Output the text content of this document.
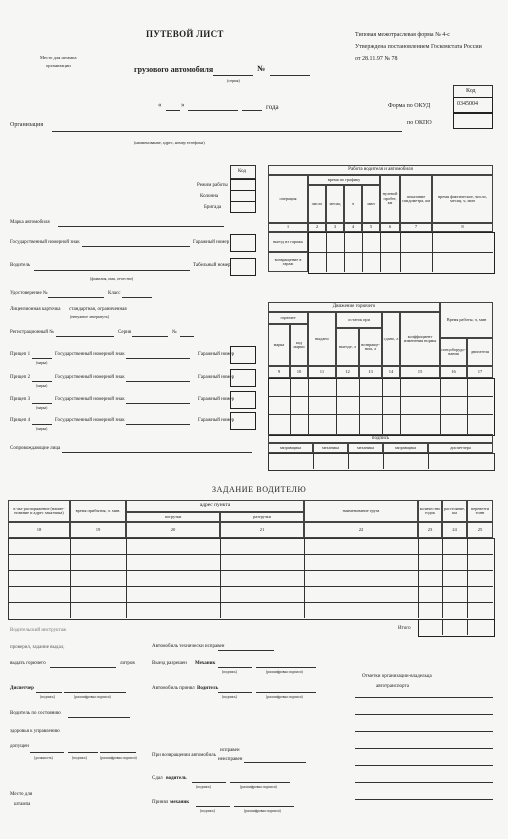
Место для штампа
организации
ПУТЕВОЙ ЛИСТ
грузового автомобиля	№
(серия)
Типовая межотраслевая форма № 4-с
Утверждена постановлением Госкомстата России
от 28.11.97 № 78
«	»	года
Код
0345004
Форма по ОКУД
по ОКПО
Организация
(наименование, адрес, номер телефона)
Код
Режим работы
Колонна
Бригада
Марка автомобиля
Государственный номерной знак	Гаражный номер
Водитель	Табельный номер
(фамилия, имя, отчество)
Удостоверение №	Класс
Лицензионная карточка стандартная, ограниченная
(ненужное зачеркнуть)
Регистрационный №	Серия	№
Прицеп 1
(марка)
Государственный номерной знак	Гаражный номер
Прицеп 2
(марка)
Государственный номерной знак	Гаражный номер
Прицеп 3
(марка)
Государственный номерной знак	Гаражный номер
Прицеп 4
(марка)
Государственный номерной знак	Гаражный номер
Сопровождающие лица
Работа водителя и автомобиля
операция
время по графику
число	месяц	ч	мин
нулевой пробег, км
показание спидометра, км
время фактическое, число, месяц, ч, мин
1	2	3	4	5	6	7	8
выезд из гаража
возвращение в гараж
Движение горючего
горючее
марка	код марки
выдано
остаток при
выезде, л	возвраще- нии, л
сдано, л	коэффициент изменения нормы
Время работы, ч, мин
спецоборудо- вания	двигателя
9	10	11	12	13	14	15	16	17
подпись
заправщика	механика	механика	заправщика	диспетчера
ЗАДАНИЕ ВОДИТЕЛЮ
в чье распоряжение (наиме- нование и адрес заказчика)	время прибытия, ч. мин.
адрес пункта
погрузки	разгрузки
наименование груза	количество ездок
расстояние, км
перевезти тонн
18	19	20	21	22	23	24	25
Итого
Водительский инструктаж
проверил, задание выдал,
выдать горючего	литров
Диспетчер
(подпись)	(расшифровка подписи)
Водитель по состоянию
здоровья к управлению
допущен
(должность)	(подпись)	(расшифровка подписи)
Автомобиль технически исправен
Выезд разрешен Механик
(подпись)	(расшифровка подписи)
Автомобиль принял Водитель
(подпись)	(расшифровка подписи)
Отметки организации-владельца
автотранспорта
При возвращении автомобиль
исправен
неисправен
Сдал водитель
(подпись)	(расшифровка подписи)
Принял механик
(подпись)	(расшифровка подписи)
Место для
штампа
